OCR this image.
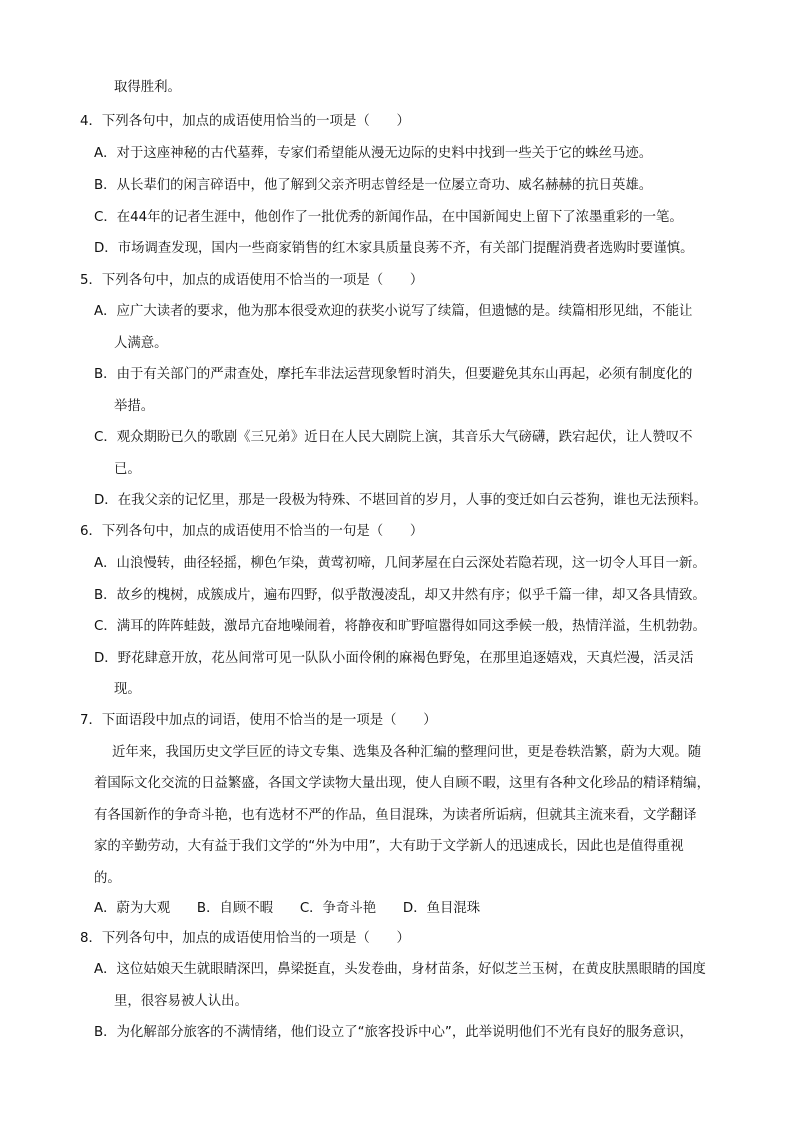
取得胜利。
4．下列各句中，加点的成语使用恰当的一项是（　　）
A．对于这座神秘的古代墓葬，专家们希望能从漫无边际的史料中找到一些关于它的蛛丝马迹。
B．从长辈们的闲言碎语中，他了解到父亲齐明志曾经是一位屡立奇功、威名赫赫的抗日英雄。
C．在44年的记者生涯中，他创作了一批优秀的新闻作品，在中国新闻史上留下了浓墨重彩的一笔。
D．市场调查发现，国内一些商家销售的红木家具质量良莠不齐，有关部门提醒消费者选购时要谨慎。
5．下列各句中，加点的成语使用不恰当的一项是（　　）
A．应广大读者的要求，他为那本很受欢迎的获奖小说写了续篇，但遗憾的是。续篇相形见绌，不能让
人满意。
B．由于有关部门的严肃查处，摩托车非法运营现象暂时消失，但要避免其东山再起，必须有制度化的
举措。
C．观众期盼已久的歌剧《三兄弟》近日在人民大剧院上演，其音乐大气磅礴，跌宕起伏，让人赞叹不
已。
D．在我父亲的记忆里，那是一段极为特殊、不堪回首的岁月，人事的变迁如白云苍狗，谁也无法预料。
6．下列各句中，加点的成语使用不恰当的一句是（　　）
A．山浪慢转，曲径轻摇，柳色乍染，黄莺初啼，几间茅屋在白云深处若隐若现，这一切令人耳目一新。
B．故乡的槐树，成簇成片，遍布四野，似乎散漫凌乱，却又井然有序；似乎千篇一律，却又各具情致。
C．满耳的阵阵蛙鼓，激昂亢奋地噪闹着，将静夜和旷野喧嚣得如同这季候一般，热情洋溢，生机勃勃。
D．野花肆意开放，花丛间常可见一队队小面伶俐的麻褐色野兔，在那里追逐嬉戏，天真烂漫，活灵活
现。
7．下面语段中加点的词语，使用不恰当的是一项是（　　）
近年来，我国历史文学巨匠的诗文专集、选集及各种汇编的整理问世，更是卷轶浩繁，蔚为大观。随
着国际文化交流的日益繁盛，各国文学读物大量出现，使人自顾不暇，这里有各种文化珍品的精译精编，
有各国新作的争奇斗艳，也有选材不严的作品，鱼目混珠，为读者所诟病，但就其主流来看，文学翻译
家的辛勤劳动，大有益于我们文学的“外为中用”，大有助于文学新人的迅速成长，因此也是值得重视
的。
A．蔚为大观　　B．自顾不暇　　C．争奇斗艳　　D．鱼目混珠
8．下列各句中，加点的成语使用恰当的一项是（　　）
A．这位姑娘天生就眼睛深凹，鼻梁挺直，头发卷曲，身材苗条，好似芝兰玉树，在黄皮肤黑眼睛的国度
里，很容易被人认出。
B．为化解部分旅客的不满情绪，他们设立了“旅客投诉中心”，此举说明他们不光有良好的服务意识，
